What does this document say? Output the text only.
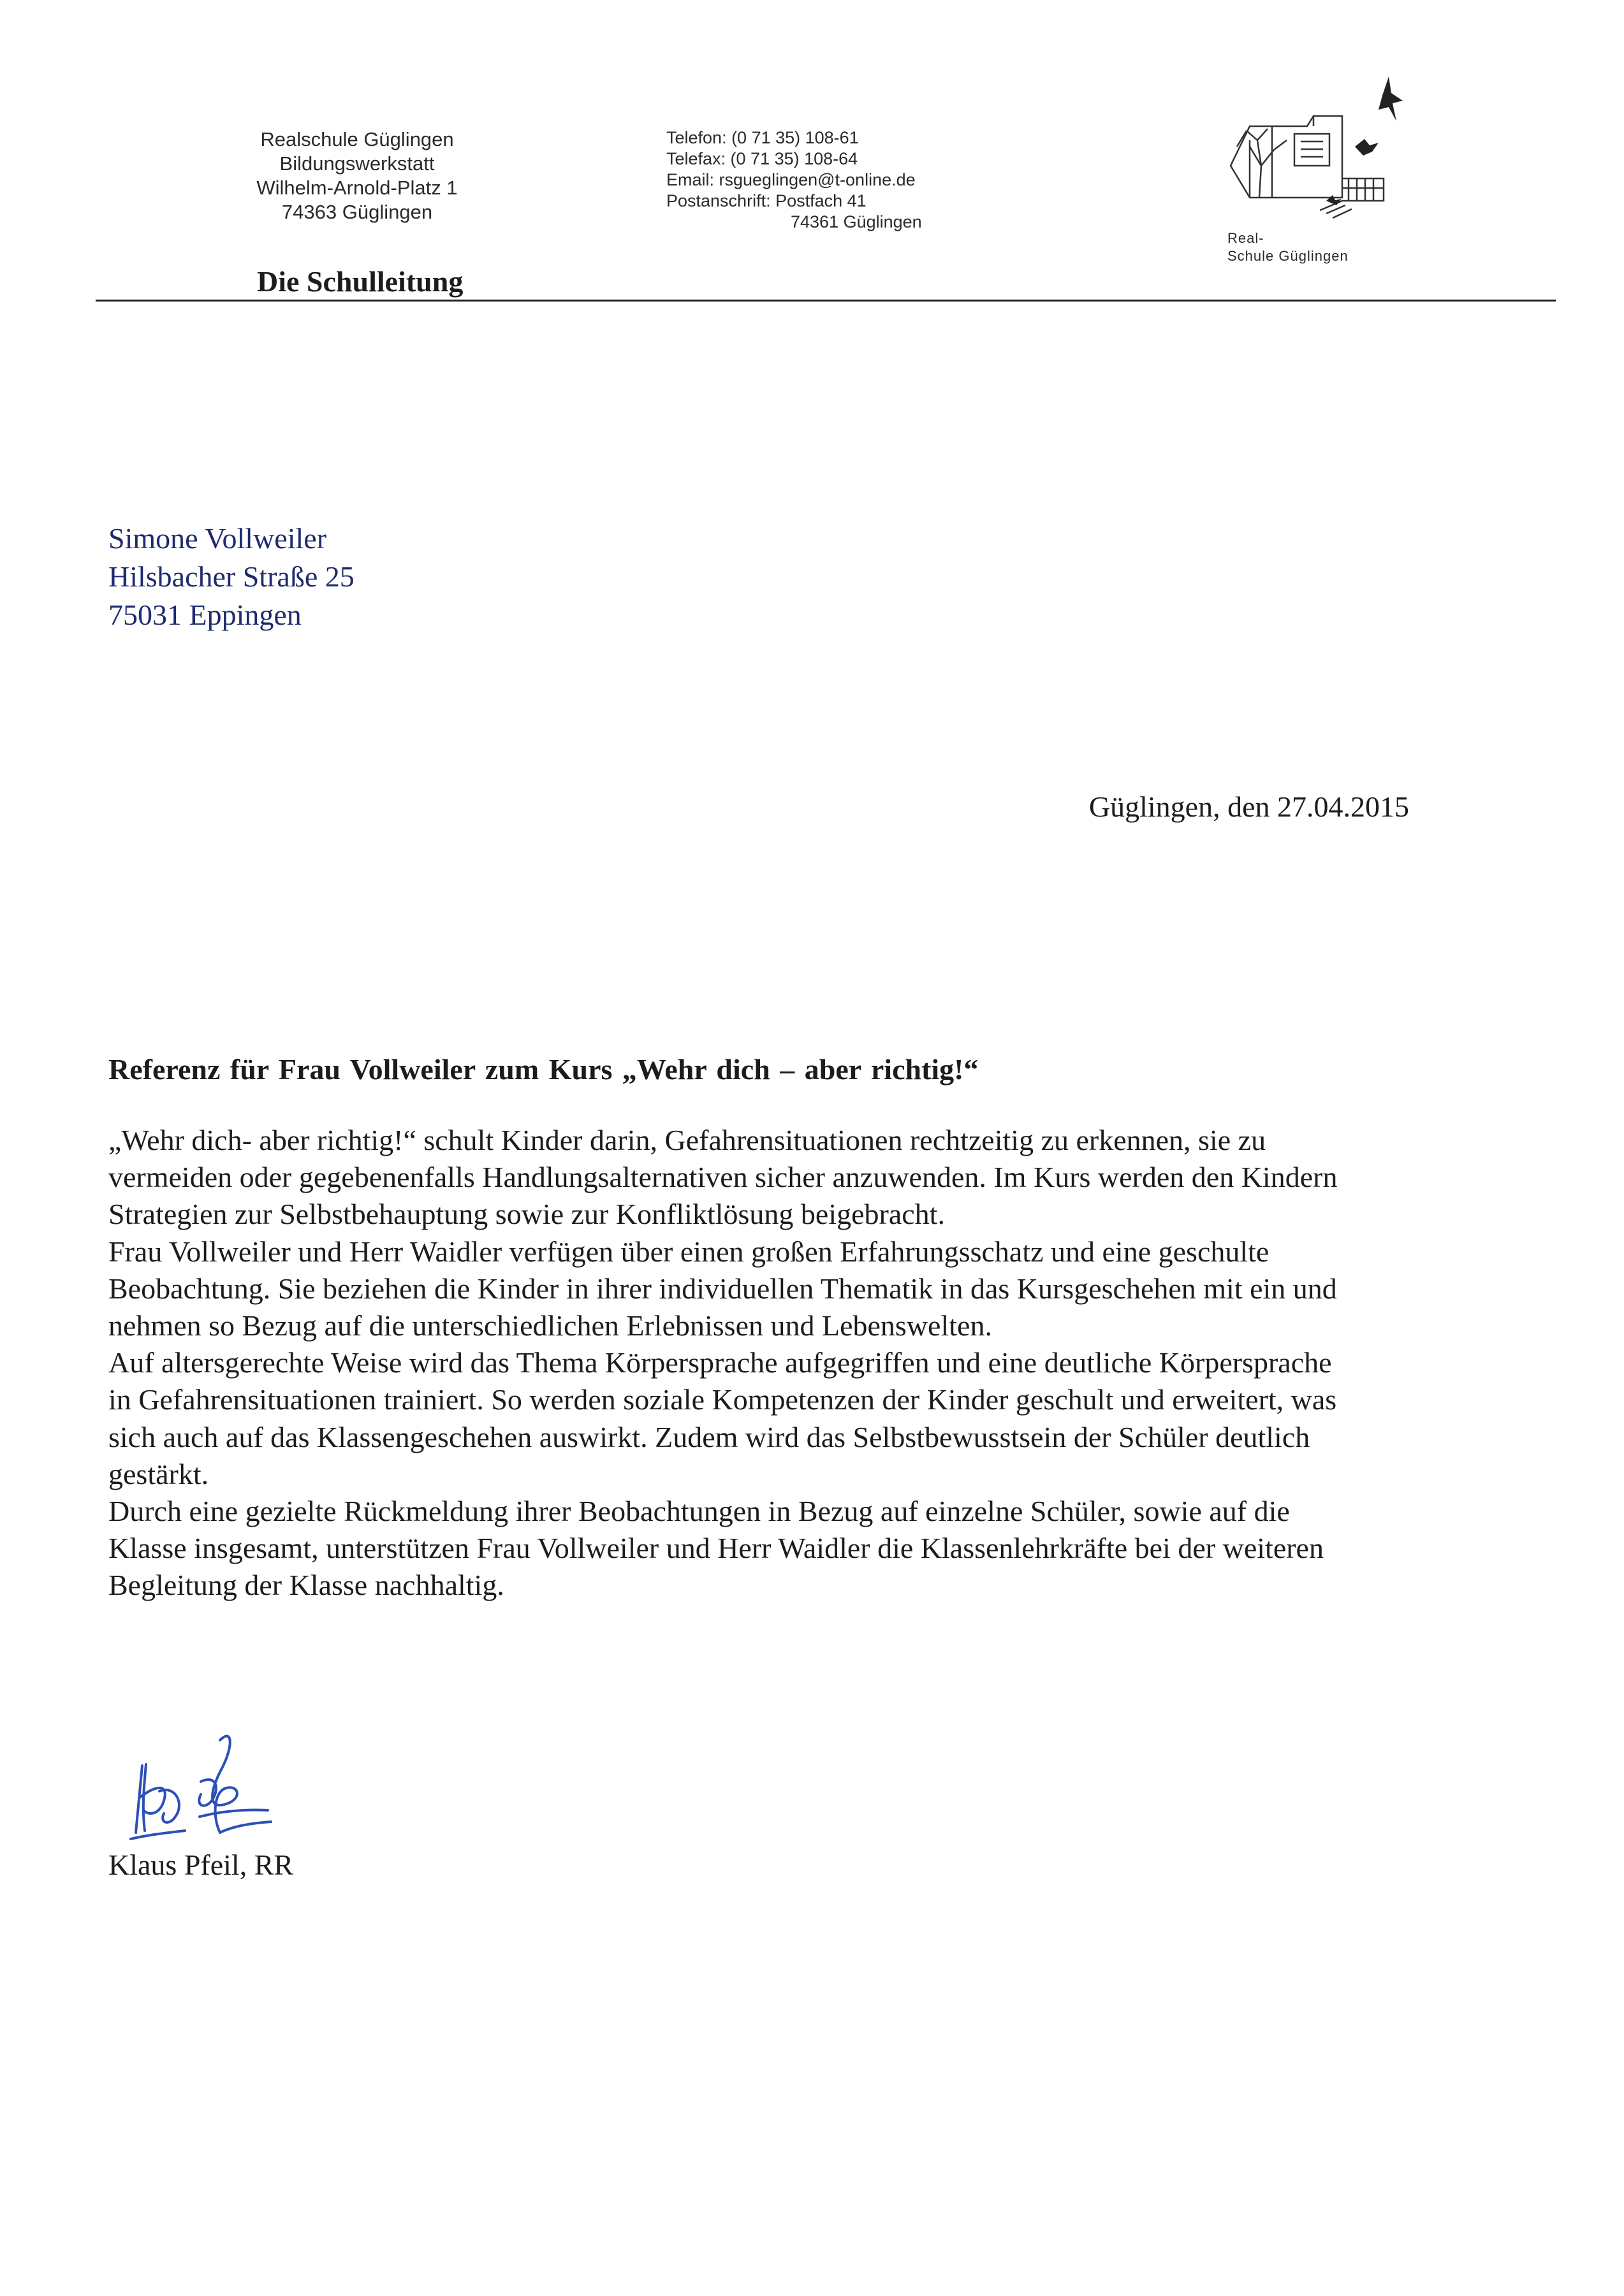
Realschule Güglingen
Bildungswerkstatt
Wilhelm-Arnold-Platz 1
74363 Güglingen
Telefon: (0 71 35) 108-61
Telefax: (0 71 35) 108-64
Email: rsgueglingen@t-online.de
Postanschrift: Postfach 41
74361 Güglingen
Real-
Schule Güglingen
Die Schulleitung
Simone Vollweiler
Hilsbacher Straße 25
75031 Eppingen
Güglingen, den 27.04.2015
Referenz für Frau Vollweiler zum Kurs „Wehr dich – aber richtig!“
„Wehr dich- aber richtig!“ schult Kinder darin, Gefahrensituationen rechtzeitig zu erkennen, sie zu
vermeiden oder gegebenenfalls Handlungsalternativen sicher anzuwenden. Im Kurs werden den Kindern
Strategien zur Selbstbehauptung sowie zur Konfliktlösung beigebracht.
Frau Vollweiler und Herr Waidler verfügen über einen großen Erfahrungsschatz und eine geschulte
Beobachtung. Sie beziehen die Kinder in ihrer individuellen Thematik in das Kursgeschehen mit ein und
nehmen so Bezug auf die unterschiedlichen Erlebnissen und Lebenswelten.
Auf altersgerechte Weise wird das Thema Körpersprache aufgegriffen und eine deutliche Körpersprache
in Gefahrensituationen trainiert. So werden soziale Kompetenzen der Kinder geschult und erweitert, was
sich auch auf das Klassengeschehen auswirkt. Zudem wird das Selbstbewusstsein der Schüler deutlich
gestärkt.
Durch eine gezielte Rückmeldung ihrer Beobachtungen in Bezug auf einzelne Schüler, sowie auf die
Klasse insgesamt, unterstützen Frau Vollweiler und Herr Waidler die Klassenlehrkräfte bei der weiteren
Begleitung der Klasse nachhaltig.
Klaus Pfeil, RR
